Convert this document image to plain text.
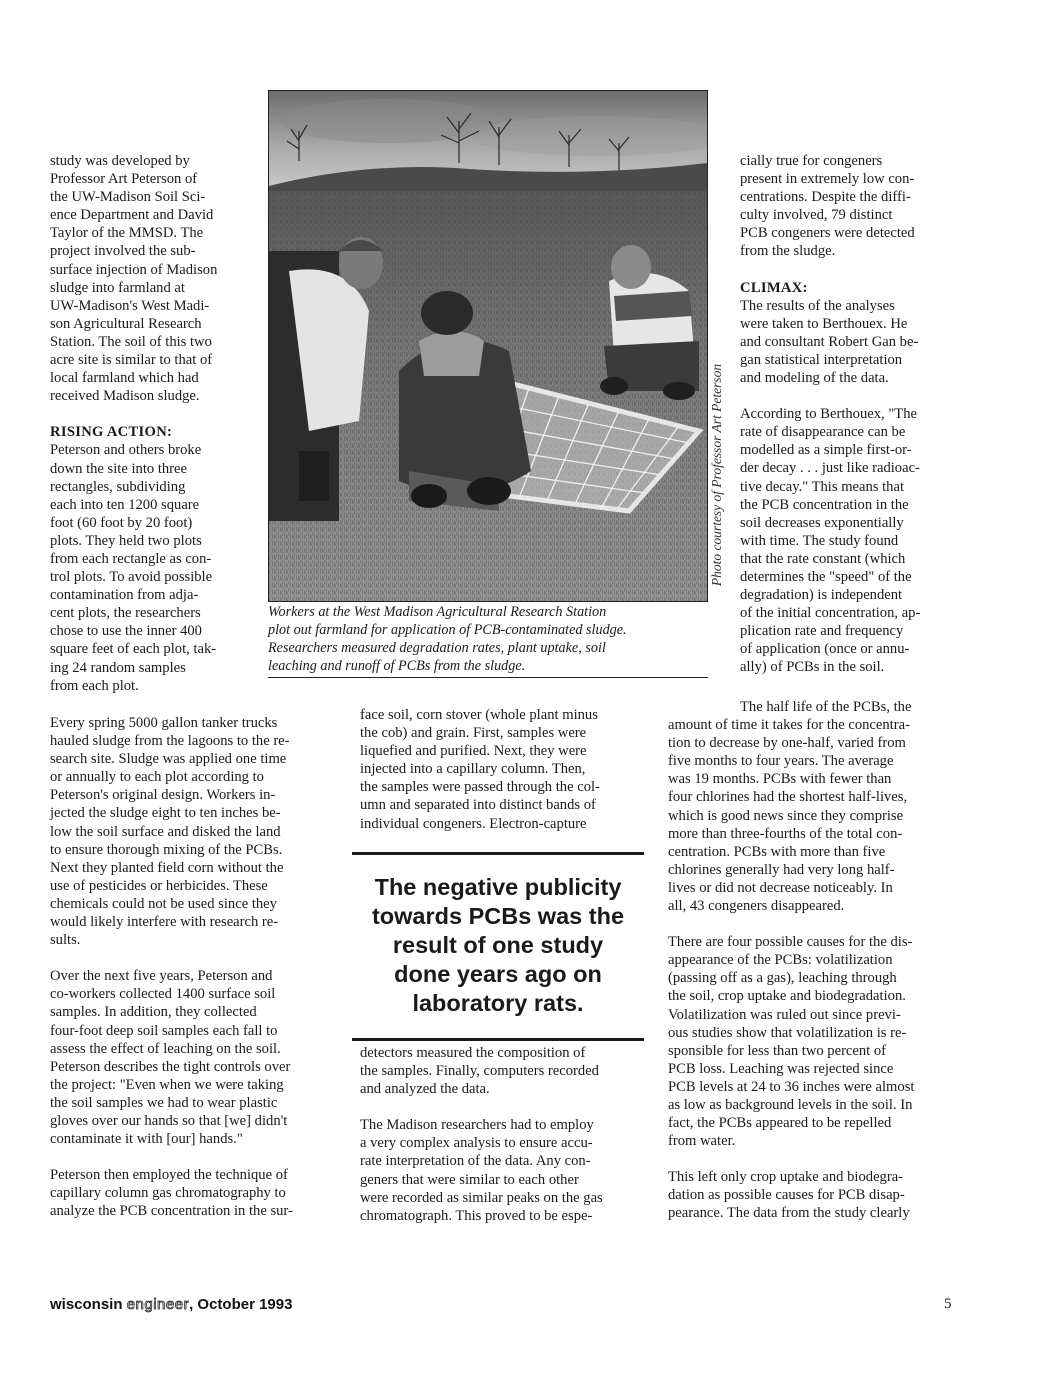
study was developed by
Professor Art Peterson of
the UW-Madison Soil Sci-
ence Department and David
Taylor of the MMSD. The
project involved the sub-
surface injection of Madison
sludge into farmland at
UW-Madison's West Madi-
son Agricultural Research
Station. The soil of this two
acre site is similar to that of
local farmland which had
received Madison sludge.

RISING ACTION:

Peterson and others broke
down the site into three
rectangles, subdividing
each into ten 1200 square
foot (60 foot by 20 foot)
plots. They held two plots
from each rectangle as con-
trol plots. To avoid possible
contamination from adja-
cent plots, the researchers
chose to use the inner 400
square feet of each plot, tak-
ing 24 random samples
from each plot.

Photo courtesy of Professor Art Peterson
Workers at the West Madison Agricultural Research Station
plot out farmland for application of PCB-contaminated sludge.
Researchers measured degradation rates, plant uptake, soil
leaching and runoff of PCBs from the sludge.

cially true for congeners
present in extremely low con-
centrations. Despite the diffi-
culty involved, 79 distinct
PCB congeners were detected
from the sludge.

CLIMAX:

The results of the analyses
were taken to Berthouex. He
and consultant Robert Gan be-
gan statistical interpretation
and modeling of the data.

According to Berthouex, "The
rate of disappearance can be
modelled as a simple first-or-
der decay . . . just like radioac-
tive decay." This means that
the PCB concentration in the
soil decreases exponentially
with time. The study found
that the rate constant (which
determines the "speed" of the
degradation) is independent
of the initial concentration, ap-
plication rate and frequency
of application (once or annu-
ally) of PCBs in the soil.

Every spring 5000 gallon tanker trucks
hauled sludge from the lagoons to the re-
search site. Sludge was applied one time
or annually to each plot according to
Peterson's original design. Workers in-
jected the sludge eight to ten inches be-
low the soil surface and disked the land
to ensure thorough mixing of the PCBs.
Next they planted field corn without the
use of pesticides or herbicides. These
chemicals could not be used since they
would likely interfere with research re-
sults.

Over the next five years, Peterson and
co-workers collected 1400 surface soil
samples. In addition, they collected
four-foot deep soil samples each fall to
assess the effect of leaching on the soil.
Peterson describes the tight controls over
the project: "Even when we were taking
the soil samples we had to wear plastic
gloves over our hands so that [we] didn't
contaminate it with [our] hands."

Peterson then employed the technique of
capillary column gas chromatography to
analyze the PCB concentration in the sur-

face soil, corn stover (whole plant minus
the cob) and grain. First, samples were
liquefied and purified. Next, they were
injected into a capillary column. Then,
the samples were passed through the col-
umn and separated into distinct bands of
individual congeners. Electron-capture

The negative publicity
towards PCBs was the
result of one study
done years ago on
laboratory rats.

detectors measured the composition of
the samples. Finally, computers recorded
and analyzed the data.

The Madison researchers had to employ
a very complex analysis to ensure accu-
rate interpretation of the data. Any con-
geners that were similar to each other
were recorded as similar peaks on the gas
chromatograph. This proved to be espe-

The half life of the PCBs, the
amount of time it takes for the concentra-
tion to decrease by one-half, varied from
five months to four years. The average
was 19 months. PCBs with fewer than
four chlorines had the shortest half-lives,
which is good news since they comprise
more than three-fourths of the total con-
centration. PCBs with more than five
chlorines generally had very long half-
lives or did not decrease noticeably. In
all, 43 congeners disappeared.

There are four possible causes for the dis-
appearance of the PCBs: volatilization
(passing off as a gas), leaching through
the soil, crop uptake and biodegradation.
Volatilization was ruled out since previ-
ous studies show that volatilization is re-
sponsible for less than two percent of
PCB loss. Leaching was rejected since
PCB levels at 24 to 36 inches were almost
as low as background levels in the soil. In
fact, the PCBs appeared to be repelled
from water.

This left only crop uptake and biodegra-
dation as possible causes for PCB disap-
pearance. The data from the study clearly

wisconsin engineer, October 1993	5
